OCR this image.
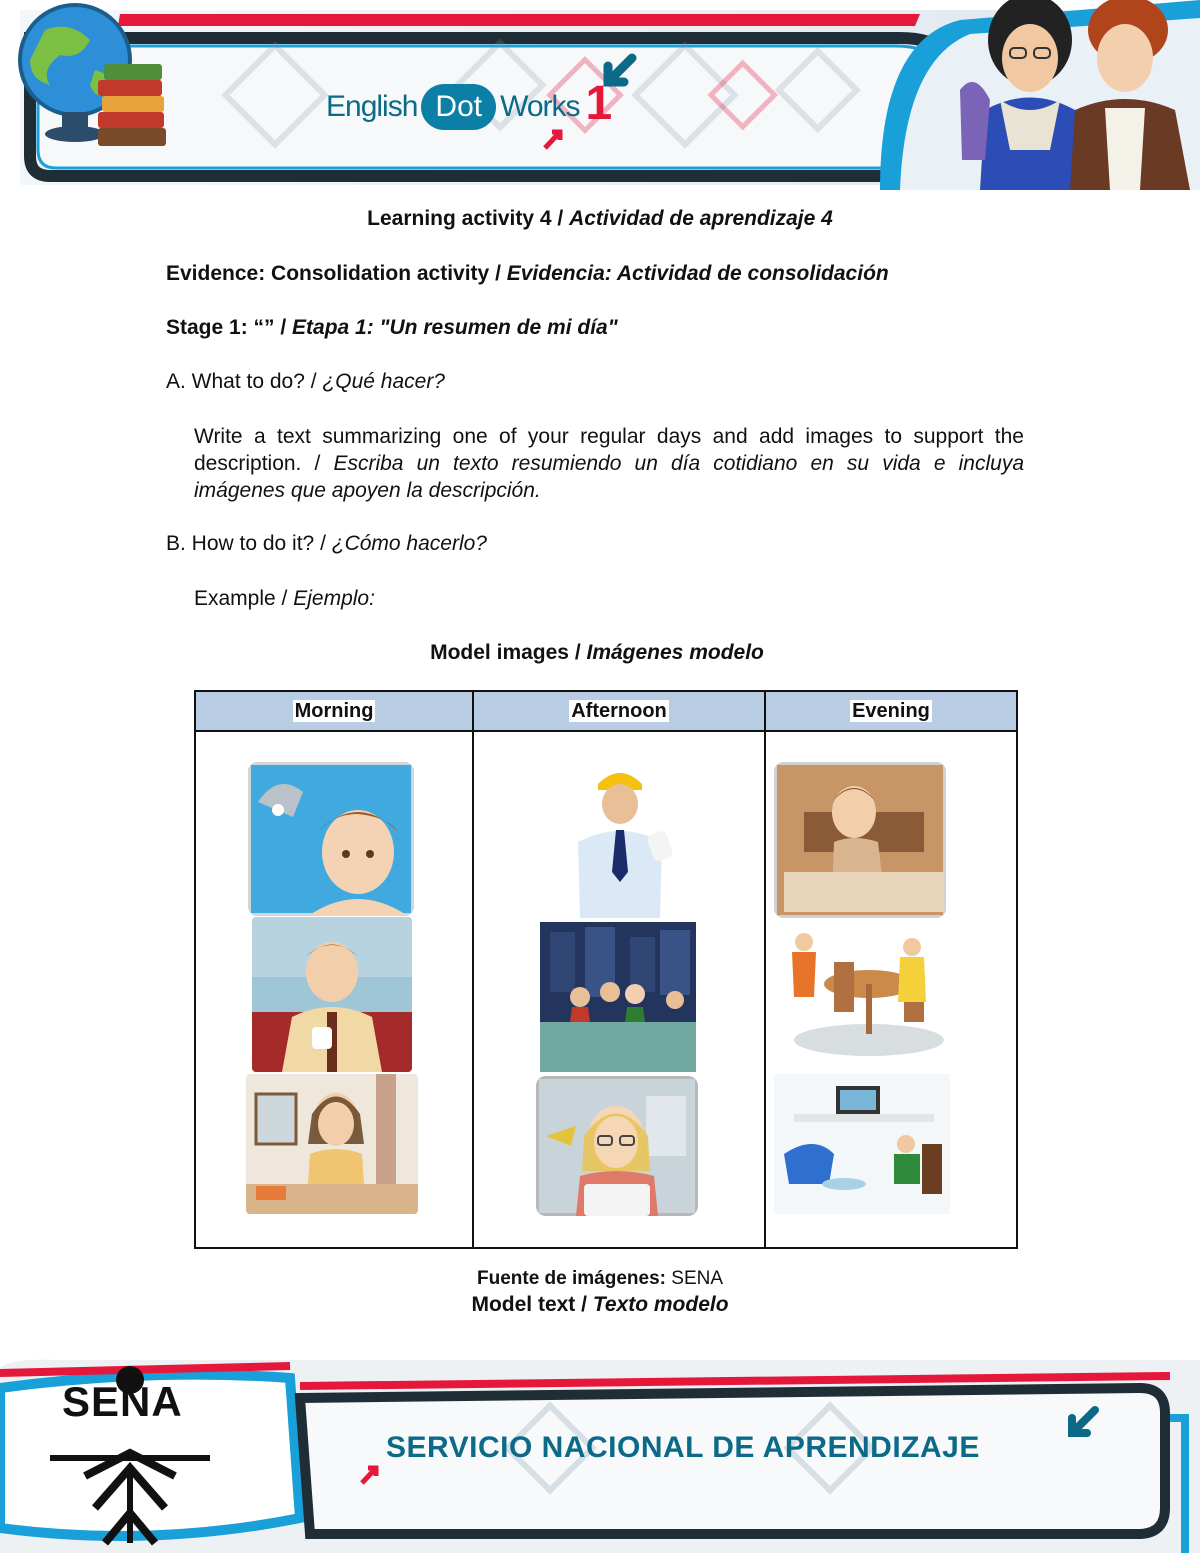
English Dot Works 1
Learning activity 4 / Actividad de aprendizaje 4
Evidence: Consolidation activity / Evidencia: Actividad de consolidación
Stage 1: “” / Etapa 1: "Un resumen de mi día"
A. What to do? / ¿Qué hacer?
Write a text summarizing one of your regular days and add images to support the description. / Escriba un texto resumiendo un día cotidiano en su vida e incluya imágenes que apoyen la descripción.
B. How to do it? / ¿Cómo hacerlo?
Example / Ejemplo:
Model images / Imágenes modelo
Morning	Afternoon	Evening

Fuente de imágenes: SENA
Model text / Texto modelo
SENA
SERVICIO NACIONAL DE APRENDIZAJE
